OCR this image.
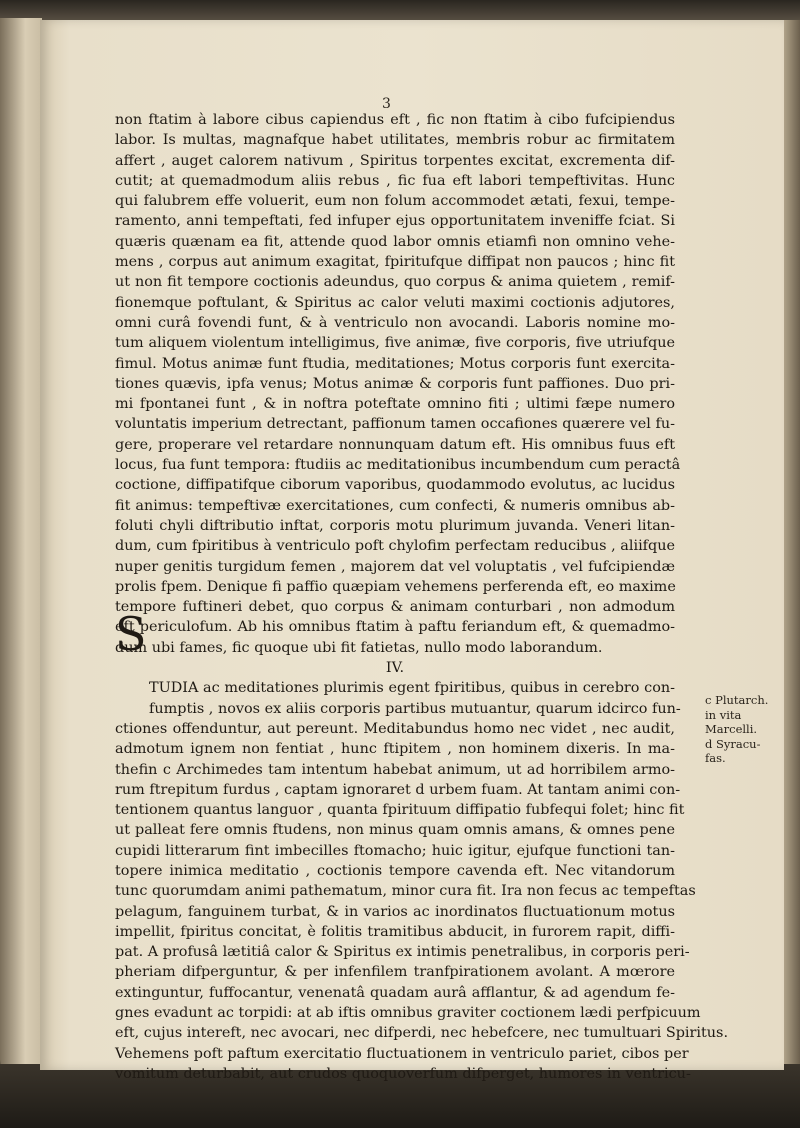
3
non ftatim à labore cibus capiendus eft , fic non ftatim à cibo fufcipiendus
labor. Is multas, magnafque habet utilitates, membris robur ac firmitatem
affert , auget calorem nativum , Spiritus torpentes excitat, excrementa dif-
cutit; at quemadmodum aliis rebus , fic fua eft labori tempeftivitas. Hunc
qui falubrem effe voluerit, eum non folum accommodet ætati, fexui, tempe-
ramento, anni tempeftati, fed infuper ejus opportunitatem inveniffe fciat. Si
quæris quænam ea fit, attende quod labor omnis etiamfi non omnino vehe-
mens , corpus aut animum exagitat, fpiritufque diffipat non paucos ; hinc fit
ut non fit tempore coctionis adeundus, quo corpus & anima quietem , remif-
fionemque poftulant, & Spiritus ac calor veluti maximi coctionis adjutores,
omni curâ fovendi funt, & à ventriculo non avocandi. Laboris nomine mo-
tum aliquem violentum intelligimus, five animæ, five corporis, five utriufque
fimul. Motus animæ funt ftudia, meditationes; Motus corporis funt exercita-
tiones quævis, ipfa venus; Motus animæ & corporis funt paffiones. Duo pri-
mi fpontanei funt , & in noftra poteftate omnino fiti ; ultimi fæpe numero
voluntatis imperium detrectant, paffionum tamen occafiones quærere vel fu-
gere, properare vel retardare nonnunquam datum eft. His omnibus fuus eft
locus, fua funt tempora: ftudiis ac meditationibus incumbendum cum peractâ
coctione, diffipatifque ciborum vaporibus, quodammodo evolutus, ac lucidus
fit animus: tempeftivæ exercitationes, cum confecti, & numeris omnibus ab-
foluti chyli diftributio inftat, corporis motu plurimum juvanda. Veneri litan-
dum, cum fpiritibus à ventriculo poft chylofim perfectam reducibus , aliifque
nuper genitis turgidum femen , majorem dat vel voluptatis , vel fufcipiendæ
prolis fpem. Denique fi paffio quæpiam vehemens perferenda eft, eo maxime
tempore fuftineri debet, quo corpus & animam conturbari , non admodum
eft periculofum. Ab his omnibus ftatim à paftu feriandum eft, & quemadmo-
dum ubi fames, fic quoque ubi fit fatietas, nullo modo laborandum.
IV.
TUDIA ac meditationes plurimis egent fpiritibus, quibus in cerebro con-
fumptis , novos ex aliis corporis partibus mutuantur, quarum idcirco fun-
ctiones offenduntur, aut pereunt. Meditabundus homo nec videt , nec audit,
admotum ignem non fentiat , hunc ftipitem , non hominem dixeris. In ma-
thefin c Archimedes tam intentum habebat animum, ut ad horribilem armo-
rum ftrepitum furdus , captam ignoraret d urbem fuam. At tantam animi con-
tentionem quantus languor , quanta fpirituum diffipatio fubfequi folet; hinc fit
ut palleat fere omnis ftudens, non minus quam omnis amans, & omnes pene
cupidi litterarum fint imbecilles ftomacho; huic igitur, ejufque functioni tan-
topere inimica meditatio , coctionis tempore cavenda eft. Nec vitandorum
tunc quorumdam animi pathematum, minor cura fit. Ira non fecus ac tempeftas
pelagum, fanguinem turbat, & in varios ac inordinatos fluctuationum motus
impellit, fpiritus concitat, è folitis tramitibus abducit, in furorem rapit, diffi-
pat. A profusâ lætitiâ calor & Spiritus ex intimis penetralibus, in corporis peri-
pheriam difperguntur, & per infenfilem tranfpirationem avolant. A mœrore
extinguntur, fuffocantur, venenatâ quadam aurâ afflantur, & ad agendum fe-
gnes evadunt ac torpidi: at ab iftis omnibus graviter coctionem lædi perfpicuum
eft, cujus intereft, nec avocari, nec difperdi, nec hebefcere, nec tumultuari Spiritus.
Vehemens poft paftum exercitatio fluctuationem in ventriculo pariet, cibos per
vomitum deturbabit, aut crudos quoquoverfum difperget, humores in ventricu-
S
c Plutarch.
in vita
Marcelli.
d Syracu-
fas.
